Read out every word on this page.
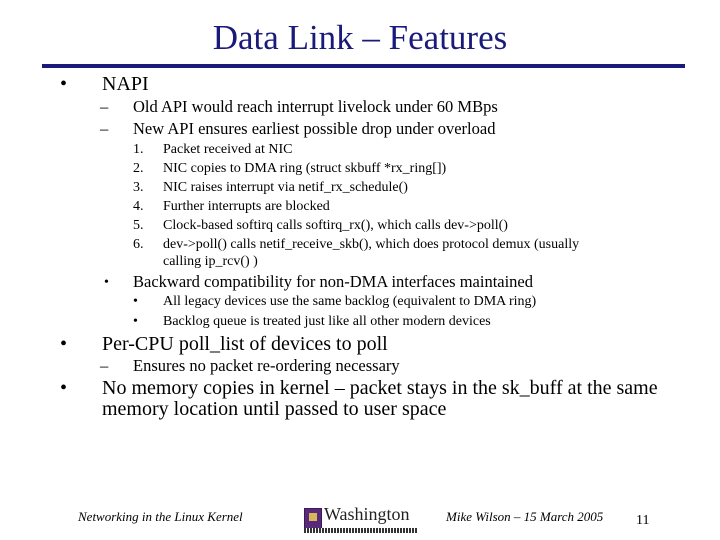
Data Link – Features
• NAPI
– Old API would reach interrupt livelock under 60 MBps
– New API ensures earliest possible drop under overload
1. Packet received at NIC
2. NIC copies to DMA ring (struct skbuff *rx_ring[])
3. NIC raises interrupt via netif_rx_schedule()
4. Further interrupts are blocked
5. Clock-based softirq calls softirq_rx(), which calls dev->poll()
6. dev->poll() calls netif_receive_skb(), which does protocol demux (usually
calling ip_rcv() )
• Backward compatibility for non-DMA interfaces maintained
• All legacy devices use the same backlog (equivalent to DMA ring)
• Backlog queue is treated just like all other modern devices
• Per-CPU poll_list of devices to poll
– Ensures no packet re-ordering necessary
• No memory copies in kernel – packet stays in the sk_buff at the same
memory location until passed to user space
Networking in the Linux Kernel	Washington	Mike Wilson – 15 March 2005 11
